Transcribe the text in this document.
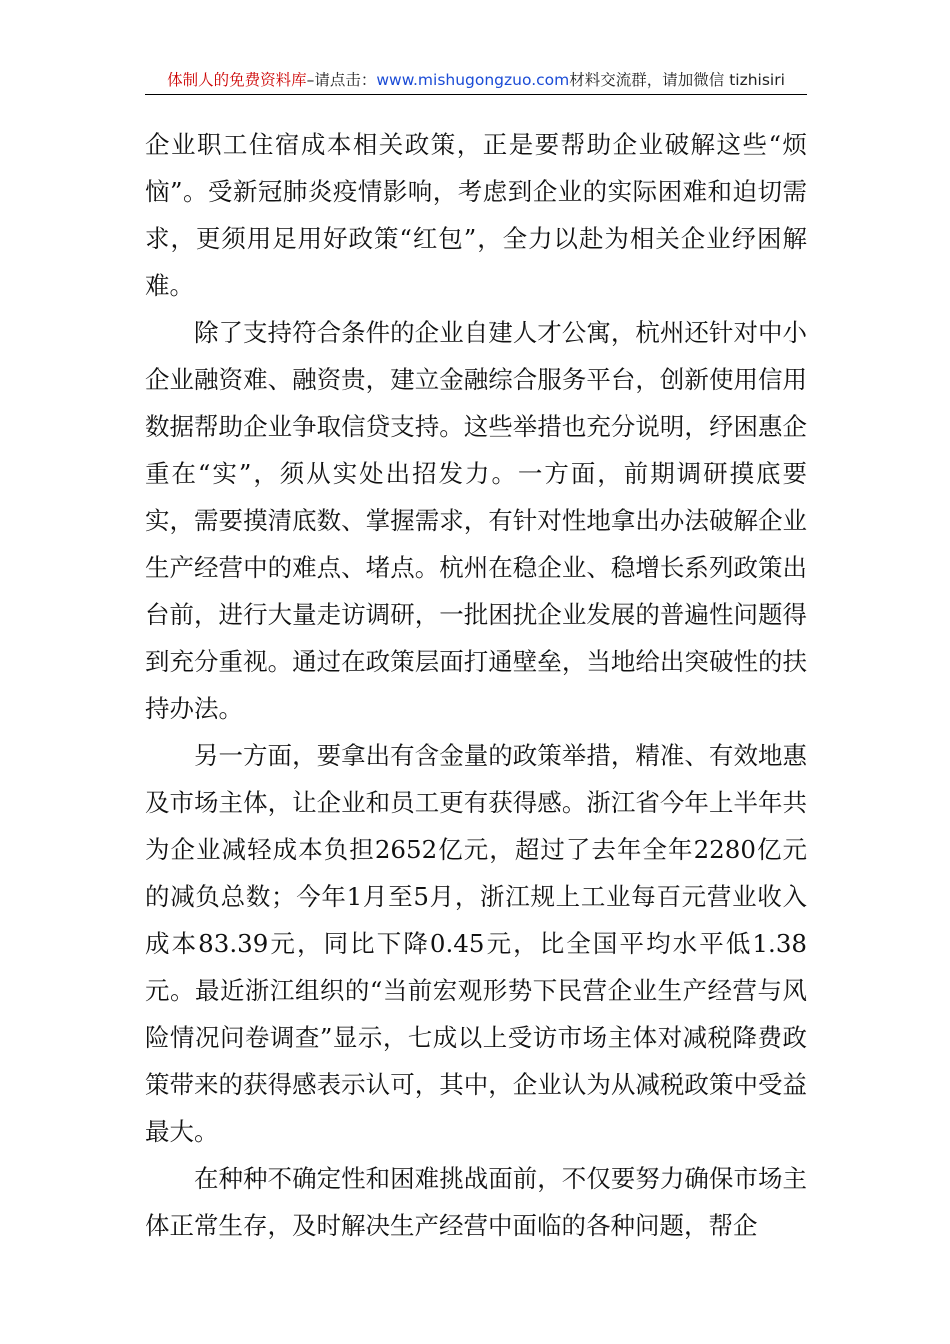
体制人的免费资料库–请点击：www.mishugongzuo.com材料交流群，请加微信 tizhisiri

企业职工住宿成本相关政策，正是要帮助企业破解这些“烦恼”。受新冠肺炎疫情影响，考虑到企业的实际困难和迫切需求，更须用足用好政策“红包”，全力以赴为相关企业纾困解难。

除了支持符合条件的企业自建人才公寓，杭州还针对中小企业融资难、融资贵，建立金融综合服务平台，创新使用信用数据帮助企业争取信贷支持。这些举措也充分说明，纾困惠企重在“实”，须从实处出招发力。一方面，前期调研摸底要实，需要摸清底数、掌握需求，有针对性地拿出办法破解企业生产经营中的难点、堵点。杭州在稳企业、稳增长系列政策出台前，进行大量走访调研，一批困扰企业发展的普遍性问题得到充分重视。通过在政策层面打通壁垒，当地给出突破性的扶持办法。

另一方面，要拿出有含金量的政策举措，精准、有效地惠及市场主体，让企业和员工更有获得感。浙江省今年上半年共为企业减轻成本负担2652亿元，超过了去年全年2280亿元的减负总数；今年1月至5月，浙江规上工业每百元营业收入成本83.39元，同比下降0.45元，比全国平均水平低1.38元。最近浙江组织的“当前宏观形势下民营企业生产经营与风险情况问卷调查”显示，七成以上受访市场主体对减税降费政策带来的获得感表示认可，其中，企业认为从减税政策中受益最大。

在种种不确定性和困难挑战面前，不仅要努力确保市场主体正常生存，及时解决生产经营中面临的各种问题，帮企
